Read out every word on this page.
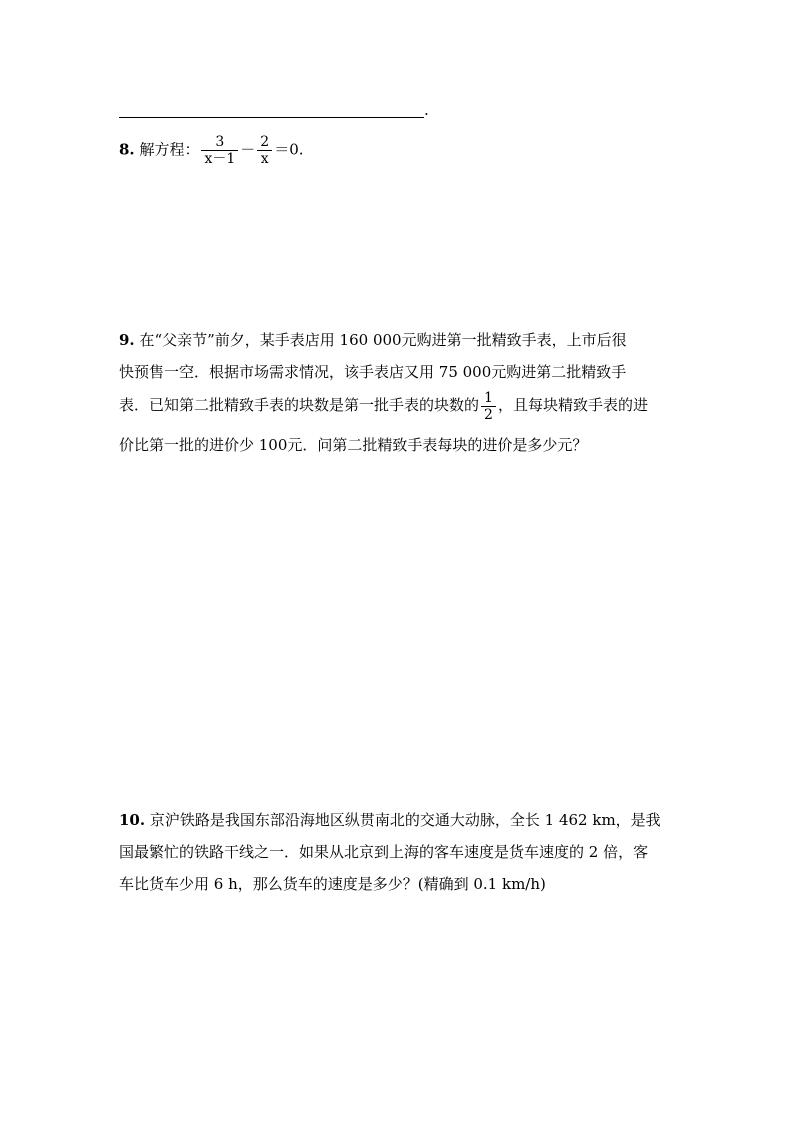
.
8. 解方程： $\frac{3}{x-1} - \frac{2}{x} =0$.
9. 在“父亲节”前夕，某手表店用 160 000元购进第一批精致手表，上市后很
快预售一空．根据市场需求情况，该手表店又用 75 000元购进第二批精致手
表．已知第二批精致手表的块数是第一批手表的块数的 $\frac{1}{2}$ ，且每块精致手表的进
价比第一批的进价少 100元．问第二批精致手表每块的进价是多少元？
10. 京沪铁路是我国东部沿海地区纵贯南北的交通大动脉，全长 1 462 km，是我
国最繁忙的铁路干线之一．如果从北京到上海的客车速度是货车速度的 2 倍，客
车比货车少用 6 h，那么货车的速度是多少？(精确到 0.1 km/h)
